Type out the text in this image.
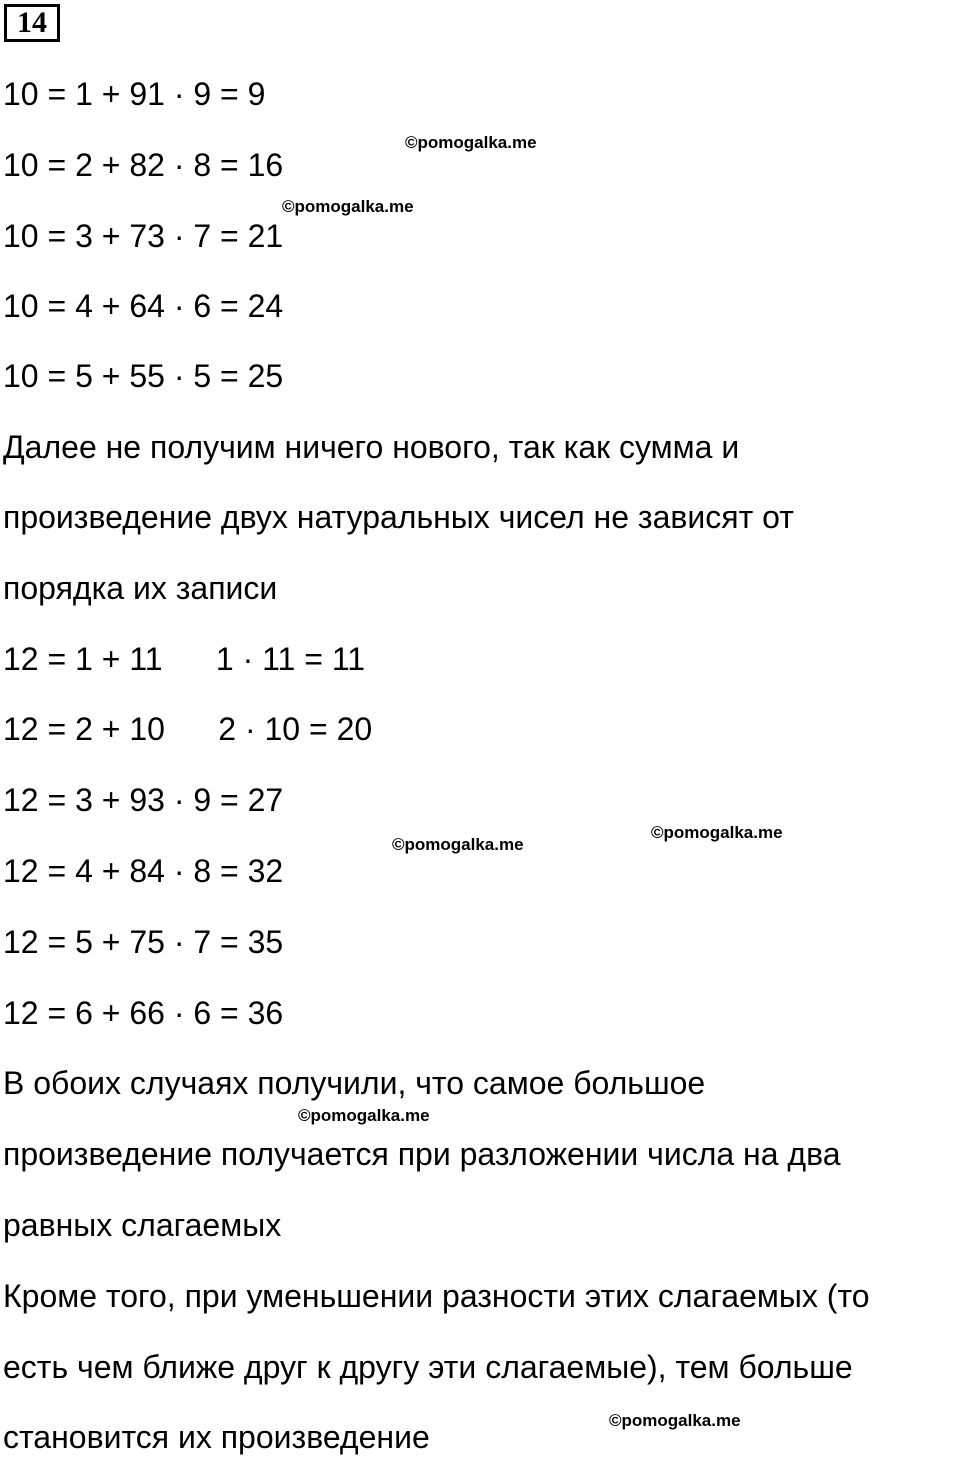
14
10 = 1 + 91 · 9 = 9
10 = 2 + 82 · 8 = 16
10 = 3 + 73 · 7 = 21
10 = 4 + 64 · 6 = 24
10 = 5 + 55 · 5 = 25
Далее не получим ничего нового, так как сумма и
произведение двух натуральных чисел не зависят от
порядка их записи
12 = 1 + 11      1 · 11 = 11
12 = 2 + 10      2 · 10 = 20
12 = 3 + 93 · 9 = 27
12 = 4 + 84 · 8 = 32
12 = 5 + 75 · 7 = 35
12 = 6 + 66 · 6 = 36
В обоих случаях получили, что самое большое
произведение получается при разложении числа на два
равных слагаемых
Кроме того, при уменьшении разности этих слагаемых (то
есть чем ближе друг к другу эти слагаемые), тем больше
становится их произведение
©pomogalka.me
©pomogalka.me
©pomogalka.me
©pomogalka.me
©pomogalka.me
©pomogalka.me
